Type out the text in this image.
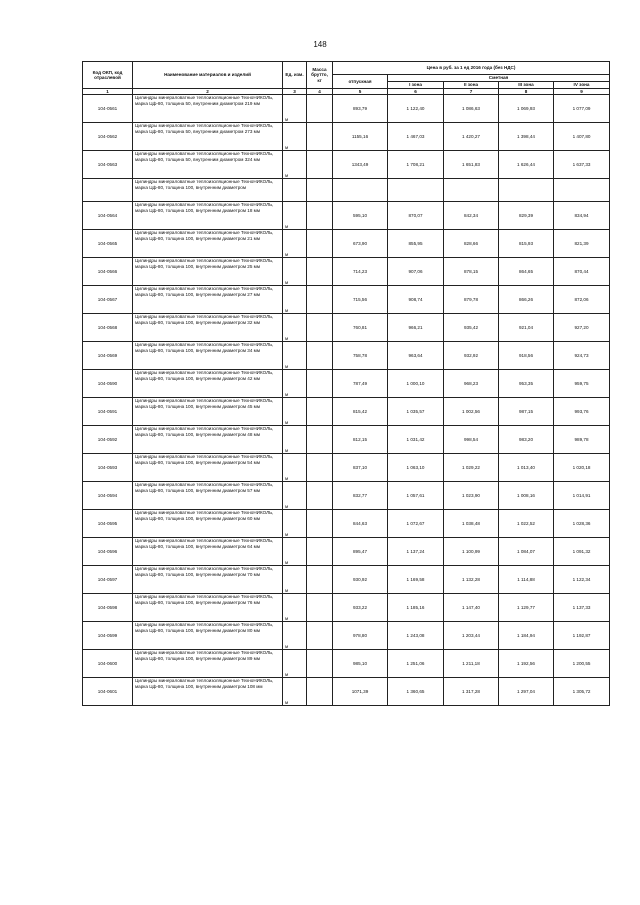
148
Код ОКП, код отраслевой	Наименование материалов и изделий	Ед. изм.	Масса брутто, кг	Цена в руб. за 1 ед 2016 года (без НДС)				
				отпускная	Сметная			
					I зона	II зона	III зона	IV зона
1	2	3	4	5	6	7	8	9
104-0561	Цилиндры минераловатные теплоизоляционные ТехноНИКОЛЬ, марка Цф-80, толщина 50, внутренним диаметром 219 мм	м		893,79	1 122,40	1 086,63	1 069,93	1 077,09
104-0562	Цилиндры минераловатные теплоизоляционные ТехноНИКОЛЬ, марка Цф-80, толщина 50, внутренним диаметром 273 мм	м		1155,16	1 467,03	1 420,27	1 398,44	1 407,80
104-0563	Цилиндры минераловатные теплоизоляционные ТехноНИКОЛЬ, марка Цф-80, толщина 50, внутренним диаметром 324 мм	м		1343,49	1 708,21	1 651,83	1 626,44	1 637,33
	Цилиндры минераловатные теплоизоляционные ТехноНИКОЛЬ, марка Цф-80, толщина 100, внутренним диаметром							
104-0564	Цилиндры минераловатные теплоизоляционные ТехноНИКОЛЬ, марка Цф-80, толщина 100, внутренним диаметром 18 мм	м		595,10	870,07	842,34	829,39	834,94
104-0565	Цилиндры минераловатные теплоизоляционные ТехноНИКОЛЬ, марка Цф-80, толщина 100, внутренним диаметром 21 мм	м		673,90	855,95	828,66	815,93	821,39
104-0566	Цилиндры минераловатные теплоизоляционные ТехноНИКОЛЬ, марка Цф-80, толщина 100, внутренним диаметром 25 мм	м		714,23	907,06	878,15	864,65	870,44
104-0567	Цилиндры минераловатные теплоизоляционные ТехноНИКОЛЬ, марка Цф-80, толщина 100, внутренним диаметром 27 мм	м		715,56	908,74	879,78	866,26	872,06
104-0568	Цилиндры минераловатные теплоизоляционные ТехноНИКОЛЬ, марка Цф-80, толщина 100, внутренним диаметром 32 мм	м		760,81	966,21	935,42	921,04	927,20
104-0569	Цилиндры минераловатные теплоизоляционные ТехноНИКОЛЬ, марка Цф-80, толщина 100, внутренним диаметром 34 мм	м		758,78	963,64	932,92	918,56	924,73
104-0590	Цилиндры минераловатные теплоизоляционные ТехноНИКОЛЬ, марка Цф-80, толщина 100, внутренним диаметром 42 мм	м		787,49	1 000,10	968,23	953,35	959,75
104-0591	Цилиндры минераловатные теплоизоляционные ТехноНИКОЛЬ, марка Цф-80, толщина 100, внутренним диаметром 45 мм	м		815,42	1 035,57	1 002,56	987,15	993,76
104-0592	Цилиндры минераловатные теплоизоляционные ТехноНИКОЛЬ, марка Цф-80, толщина 100, внутренним диаметром 48 мм	м		812,15	1 031,42	998,54	983,20	989,78
104-0593	Цилиндры минераловатные теплоизоляционные ТехноНИКОЛЬ, марка Цф-80, толщина 100, внутренним диаметром 54 мм	м		837,10	1 063,10	1 029,22	1 013,40	1 020,18
104-0594	Цилиндры минераловатные теплоизоляционные ТехноНИКОЛЬ, марка Цф-80, толщина 100, внутренним диаметром 57 мм	м		832,77	1 057,61	1 023,90	1 008,16	1 014,91
104-0595	Цилиндры минераловатные теплоизоляционные ТехноНИКОЛЬ, марка Цф-80, толщина 100, внутренним диаметром 60 мм	м		844,63	1 072,67	1 038,48	1 022,52	1 028,36
104-0596	Цилиндры минераловатные теплоизоляционные ТехноНИКОЛЬ, марка Цф-80, толщина 100, внутренним диаметром 64 мм	м		895,47	1 137,24	1 100,99	1 084,07	1 091,32
104-0597	Цилиндры минераловатные теплоизоляционные ТехноНИКОЛЬ, марка Цф-80, толщина 100, внутренним диаметром 70 мм	м		930,92	1 169,58	1 132,28	1 114,88	1 122,34
104-0598	Цилиндры минераловатные теплоизоляционные ТехноНИКОЛЬ, марка Цф-80, толщина 100, внутренним диаметром 76 мм	м		933,22	1 185,16	1 147,40	1 129,77	1 137,33
104-0599	Цилиндры минераловатные теплоизоляционные ТехноНИКОЛЬ, марка Цф-80, толщина 100, внутренним диаметром 80 мм	м		978,80	1 243,08	1 203,44	1 184,94	1 192,87
104-0600	Цилиндры минераловатные теплоизоляционные ТехноНИКОЛЬ, марка Цф-80, толщина 100, внутренним диаметром 89 мм	м		985,10	1 251,06	1 211,18	1 192,56	1 200,55
104-0601	Цилиндры минераловатные теплоизоляционные ТехноНИКОЛЬ, марка Цф-80, толщина 100, внутренним диаметром 108 мм	м		1071,39	1 360,65	1 317,28	1 297,04	1 305,72
